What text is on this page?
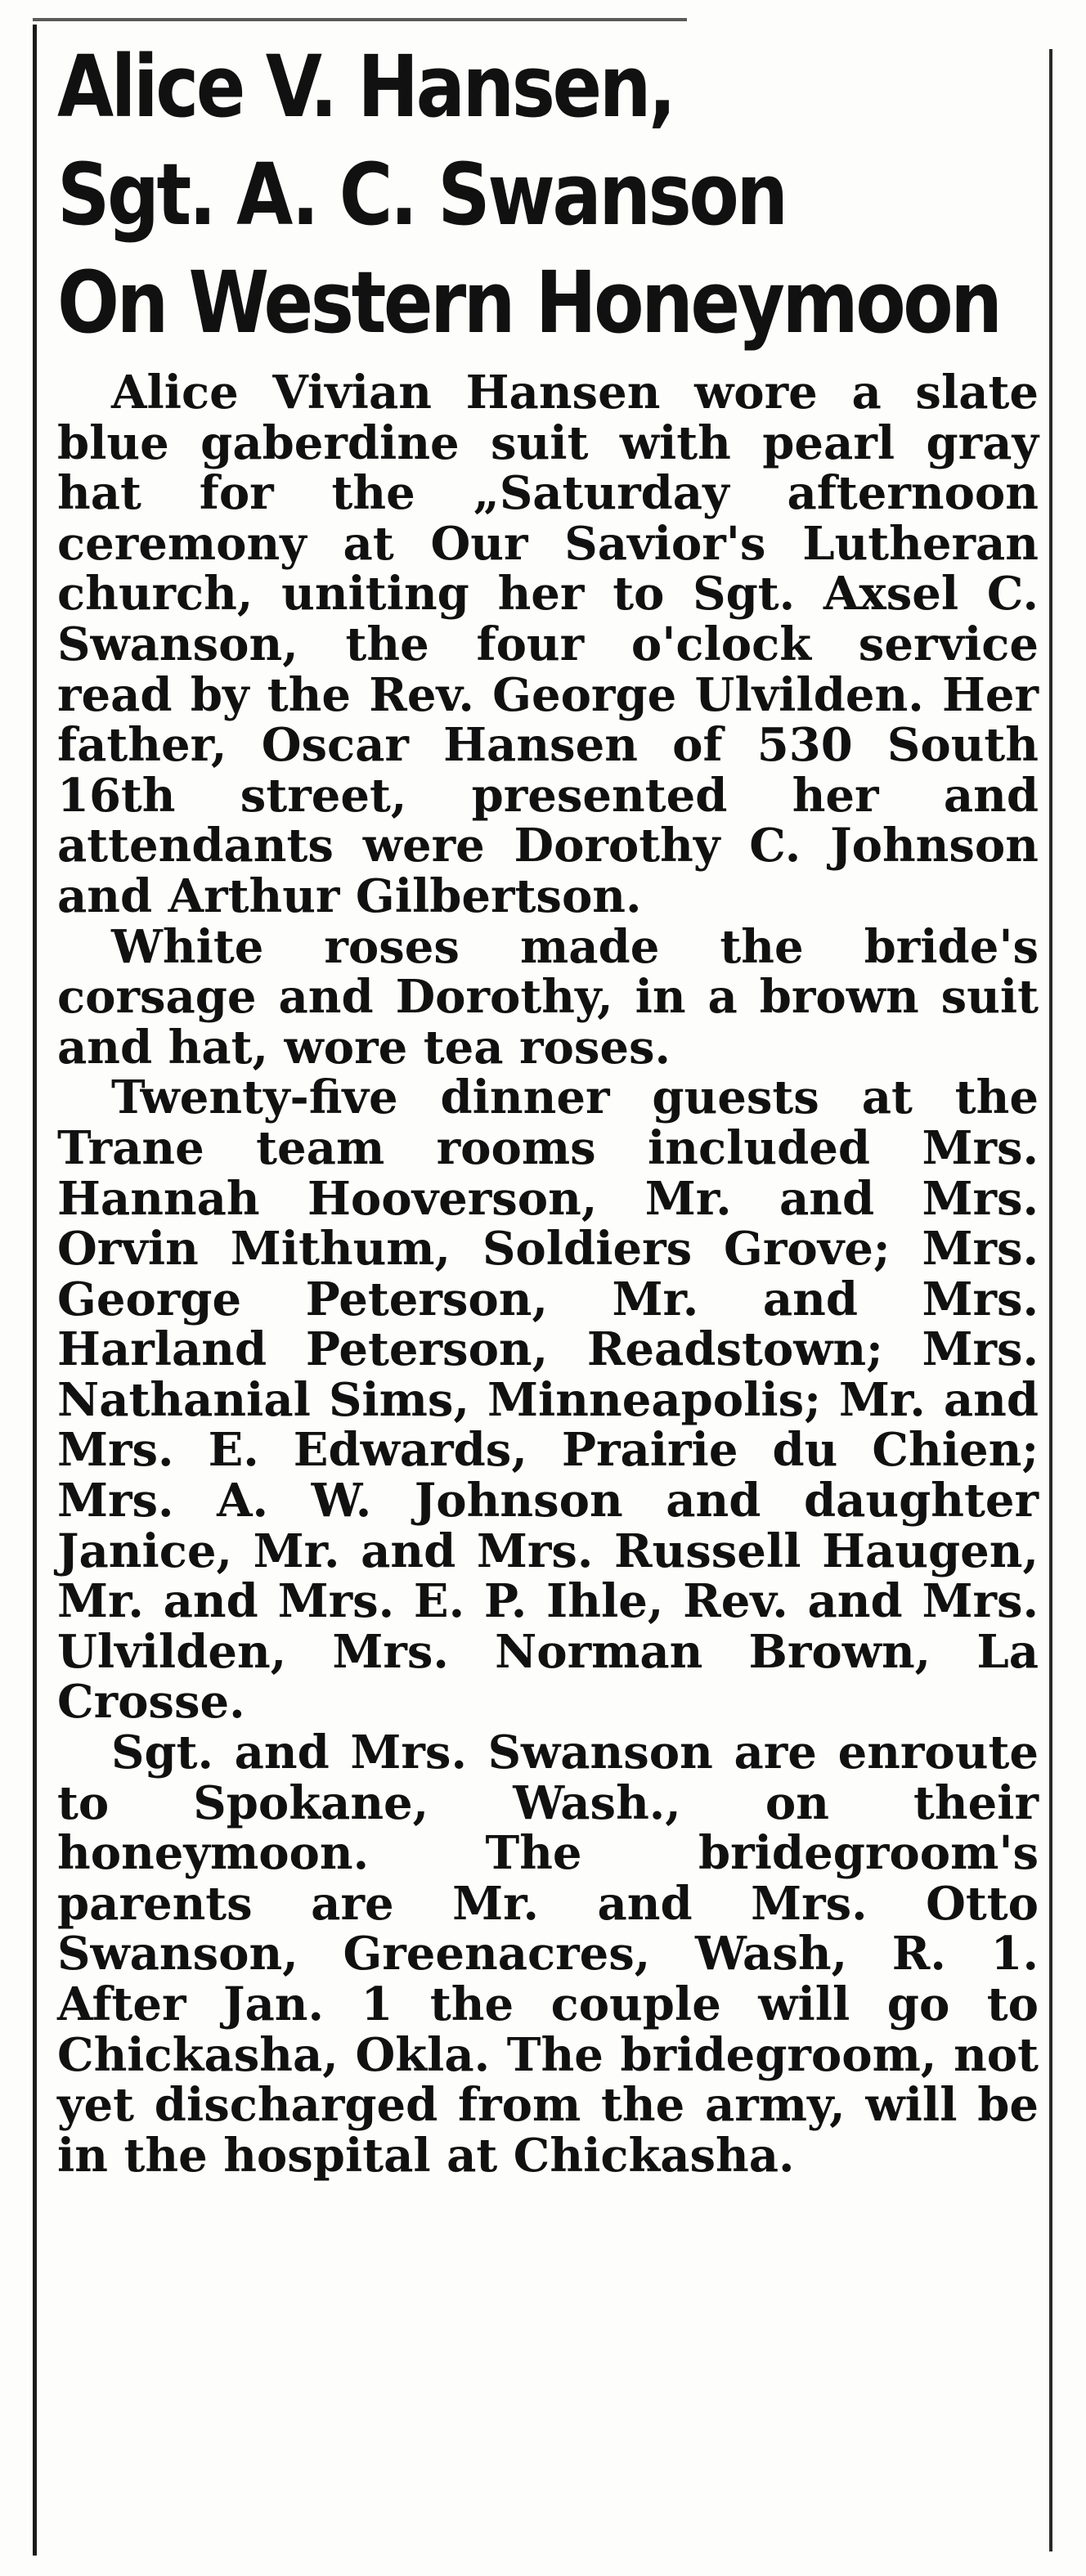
Alice V. Hansen,
Sgt. A. C. Swanson
On Western Honeymoon

Alice Vivian Hansen wore a slate blue gaberdine suit with pearl gray hat for the „Saturday afternoon ceremony at Our Savior's Lutheran church, uniting her to Sgt. Axsel C. Swanson, the four o'clock service read by the Rev. George Ulvilden. Her father, Oscar Hansen of 530 South 16th street, presented her and attendants were Dorothy C. Johnson and Arthur Gilbertson.

White roses made the bride's corsage and Dorothy, in a brown suit and hat, wore tea roses.

Twenty-five dinner guests at the Trane team rooms included Mrs. Hannah Hooverson, Mr. and Mrs. Orvin Mithum, Soldiers Grove; Mrs. George Peterson, Mr. and Mrs. Harland Peterson, Readstown; Mrs. Nathanial Sims, Minneapolis; Mr. and Mrs. E. Edwards, Prairie du Chien; Mrs. A. W. Johnson and daughter Janice, Mr. and Mrs. Russell Haugen, Mr. and Mrs. E. P. Ihle, Rev. and Mrs. Ulvilden, Mrs. Norman Brown, La Crosse.

Sgt. and Mrs. Swanson are enroute to Spokane, Wash., on their honeymoon. The bridegroom's parents are Mr. and Mrs. Otto Swanson, Greenacres, Wash, R. 1. After Jan. 1 the couple will go to Chickasha, Okla. The bridegroom, not yet discharged from the army, will be in the hospital at Chickasha.
